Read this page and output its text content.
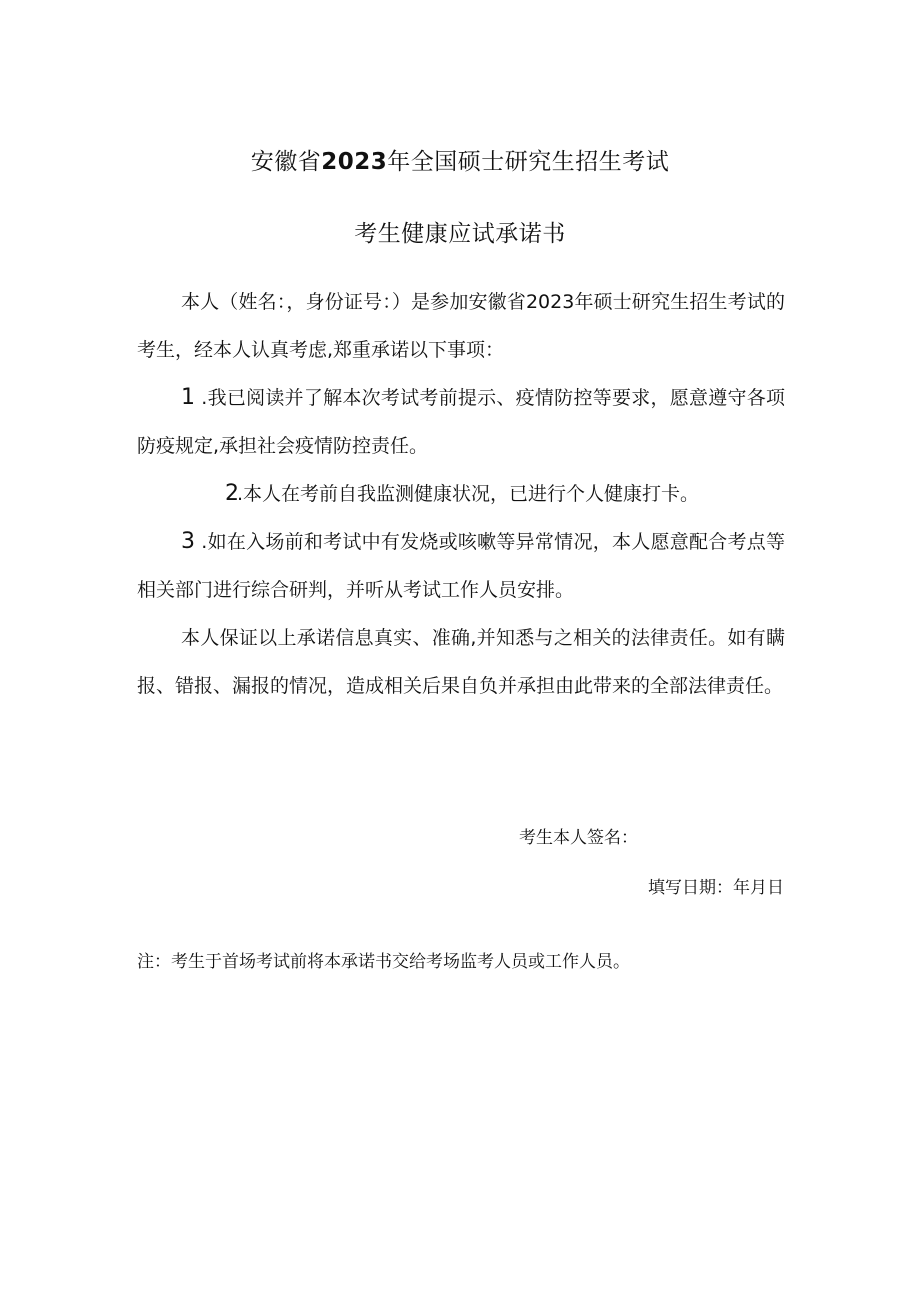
安徽省2023年全国硕士研究生招生考试
考生健康应试承诺书
本人（姓名：，身份证号：）是参加安徽省2023年硕士研究生招生考试的考生，经本人认真考虑,郑重承诺以下事项：
1 .我已阅读并了解本次考试考前提示、疫情防控等要求，愿意遵守各项防疫规定,承担社会疫情防控责任。
2.本人在考前自我监测健康状况，已进行个人健康打卡。
3 .如在入场前和考试中有发烧或咳嗽等异常情况，本人愿意配合考点等相关部门进行综合研判，并听从考试工作人员安排。
本人保证以上承诺信息真实、准确,并知悉与之相关的法律责任。如有瞒报、错报、漏报的情况，造成相关后果自负并承担由此带来的全部法律责任。
考生本人签名：
填写日期：年月日
注：考生于首场考试前将本承诺书交给考场监考人员或工作人员。
